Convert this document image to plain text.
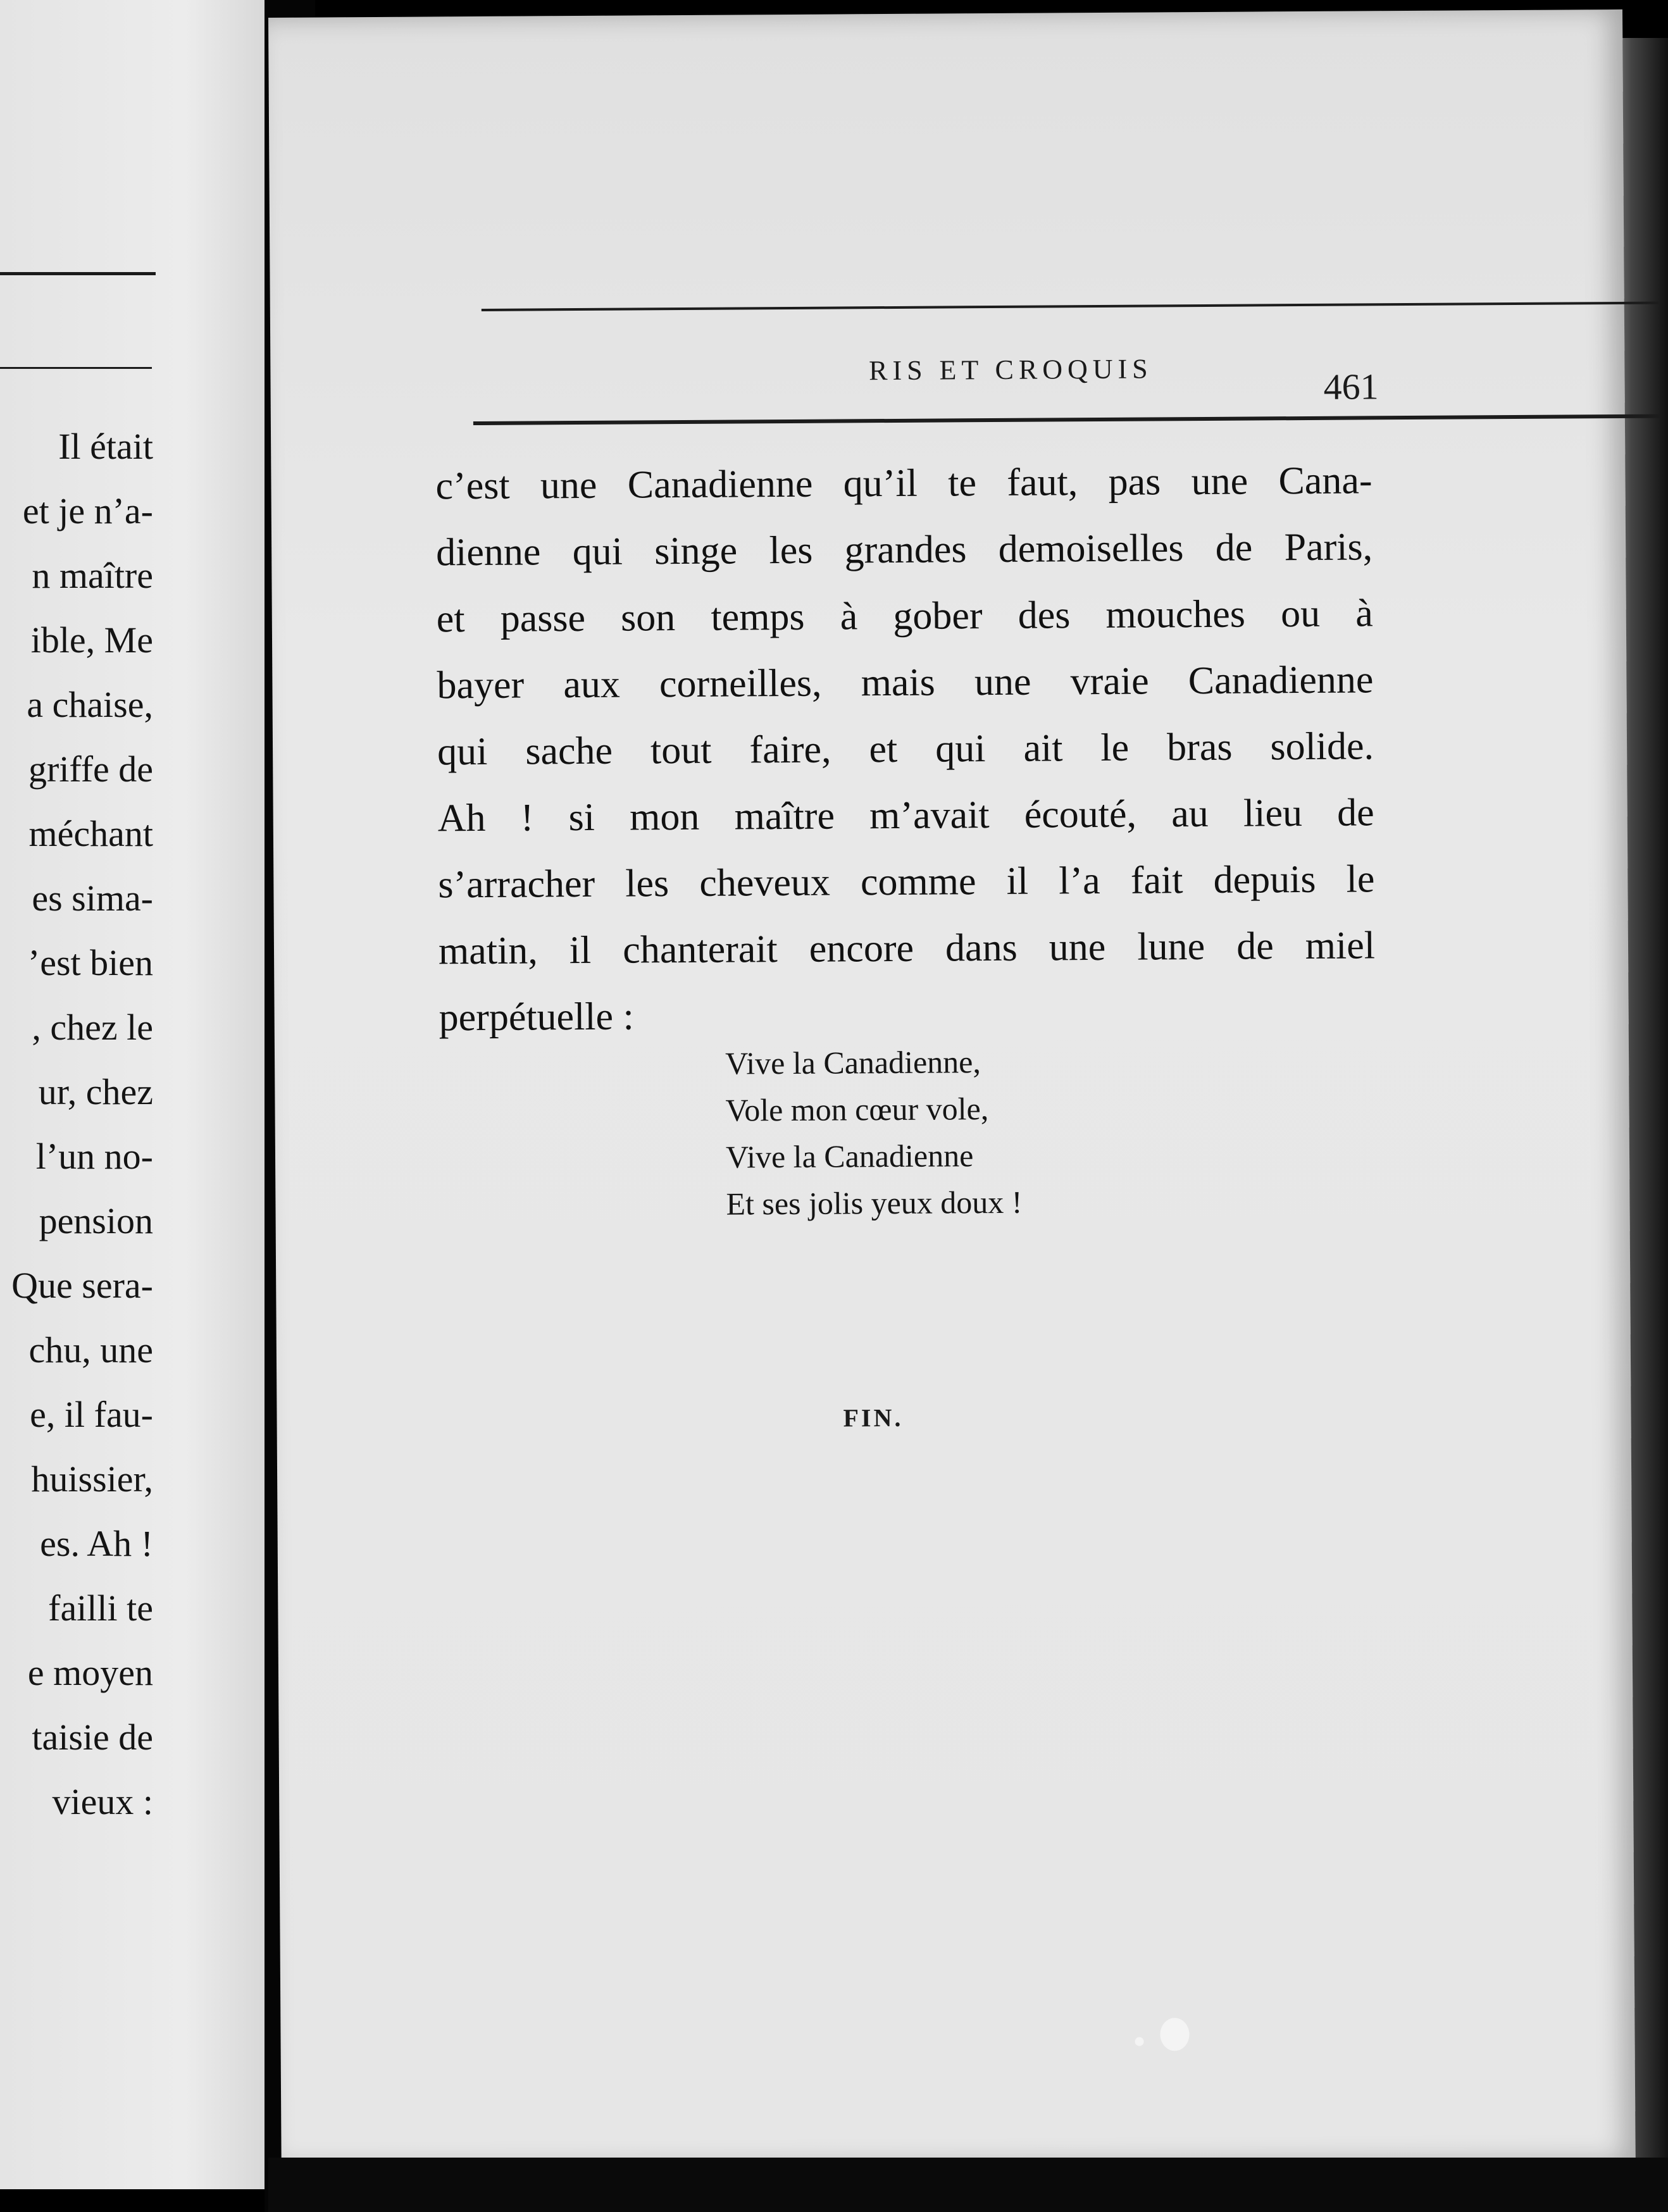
Il était
et je n’a-
n maître
ible, Me
a chaise,
griffe de
méchant
es sima-
’est bien
, chez le
ur, chez
l’un no-
pension
Que sera-
chu, une
e, il fau-
huissier,
es. Ah !
failli te
e moyen
taisie de
vieux :
RIS ET CROQUIS	461
c’est une Canadienne qu’il te faut, pas une Cana-
dienne qui singe les grandes demoiselles de Paris,
et passe son temps à gober des mouches ou à
bayer aux corneilles, mais une vraie Canadienne
qui sache tout faire, et qui ait le bras solide.
Ah ! si mon maître m’avait écouté, au lieu de
s’arracher les cheveux comme il l’a fait depuis le
matin, il chanterait encore dans une lune de miel
perpétuelle :
Vive la Canadienne,
Vole mon cœur vole,
Vive la Canadienne
Et ses jolis yeux doux !
FIN.
